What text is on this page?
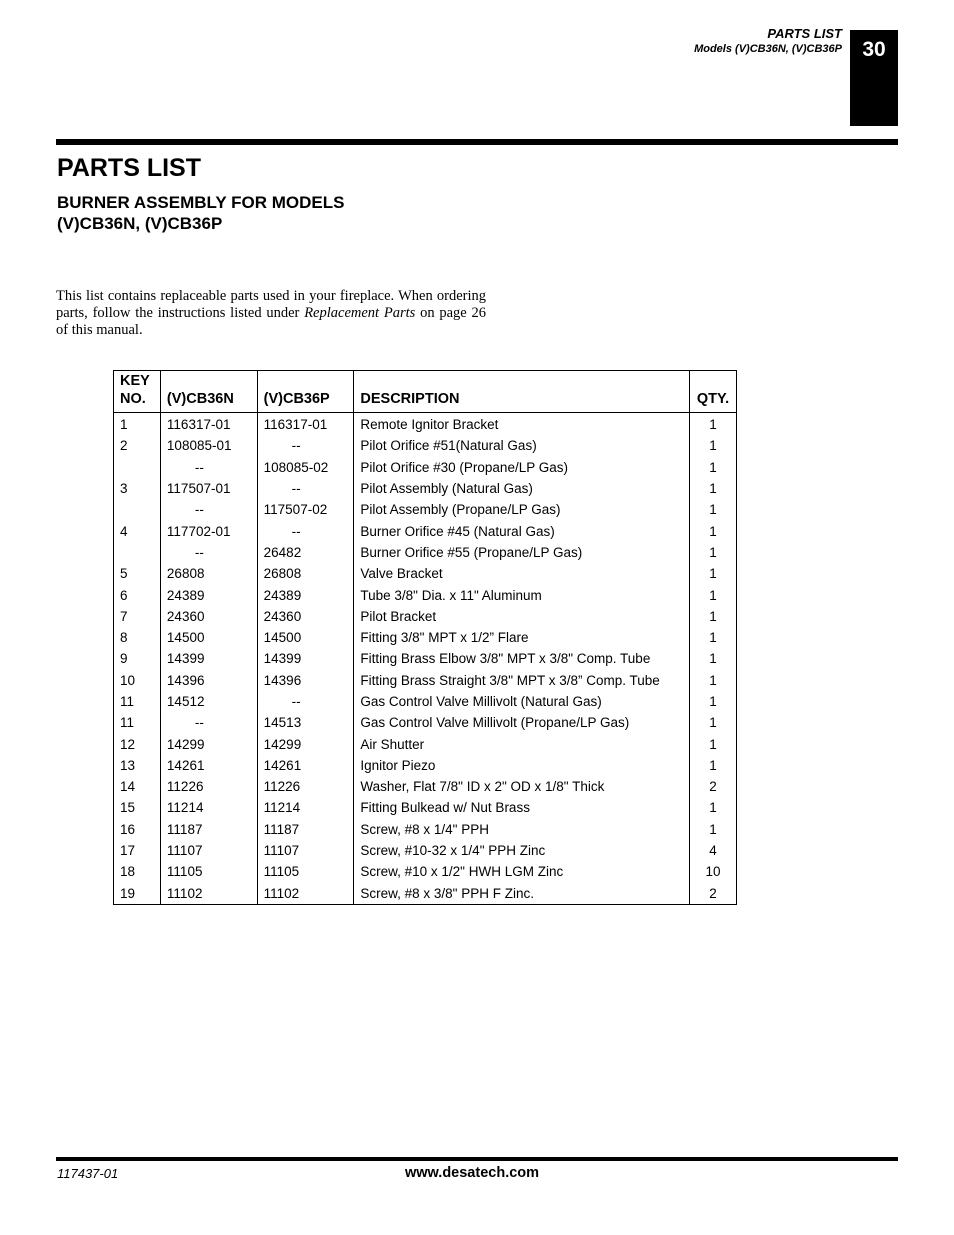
PARTS LIST
Models (V)CB36N, (V)CB36P 30
PARTS LIST
BURNER ASSEMBLY FOR MODELS
(V)CB36N, (V)CB36P

This list contains replaceable parts used in your fireplace. When ordering parts, follow the instructions listed under Replacement Parts on page 26 of this manual.

KEY
NO.	(V)CB36N	(V)CB36P	DESCRIPTION	QTY.
1	116317-01	116317-01	Remote Ignitor Bracket	1
2	108085-01	--	Pilot Orifice #51(Natural Gas)	1
	--	108085-02	Pilot Orifice #30 (Propane/LP Gas)	1
3	117507-01	--	Pilot Assembly (Natural Gas)	1
	--	117507-02	Pilot Assembly (Propane/LP Gas)	1
4	117702-01	--	Burner Orifice #45 (Natural Gas)	1
	--	26482	Burner Orifice #55 (Propane/LP Gas)	1
5	26808	26808	Valve Bracket	1
6	24389	24389	Tube 3/8" Dia. x 11" Aluminum	1
7	24360	24360	Pilot Bracket	1
8	14500	14500	Fitting 3/8" MPT x 1/2” Flare	1
9	14399	14399	Fitting Brass Elbow 3/8" MPT x 3/8" Comp. Tube	1
10	14396	14396	Fitting Brass Straight 3/8" MPT x 3/8” Comp. Tube	1
11	14512	--	Gas Control Valve Millivolt (Natural Gas)	1
11	--	14513	Gas Control Valve Millivolt (Propane/LP Gas)	1
12	14299	14299	Air Shutter	1
13	14261	14261	Ignitor Piezo	1
14	11226	11226	Washer, Flat 7/8" ID x 2" OD x 1/8" Thick	2
15	11214	11214	Fitting Bulkead w/ Nut Brass	1
16	11187	11187	Screw, #8 x 1/4" PPH	1
17	11107	11107	Screw, #10-32 x 1/4" PPH Zinc	4
18	11105	11105	Screw, #10 x 1/2" HWH LGM Zinc	10
19	11102	11102	Screw, #8 x 3/8" PPH F Zinc.	2
117437-01	www.desatech.com
